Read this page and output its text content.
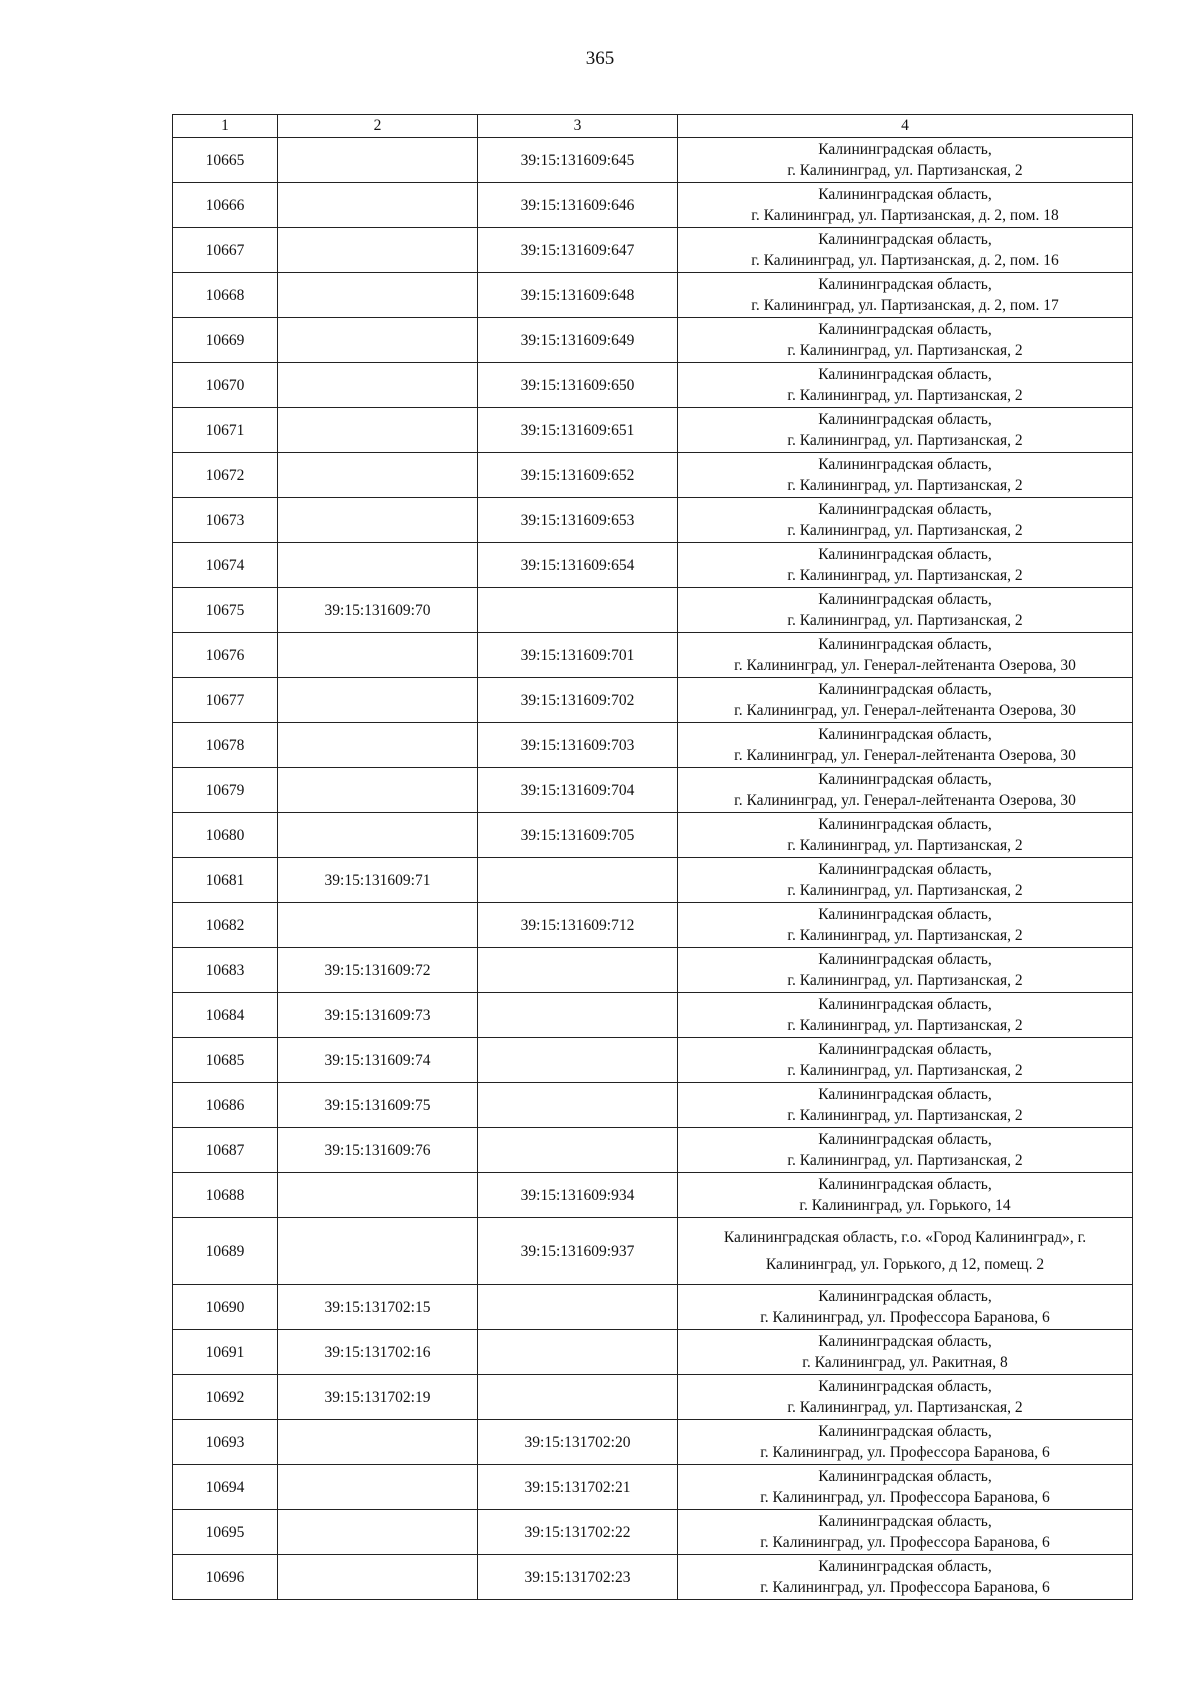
365
1	2	3	4
10665		39:15:131609:645	Калининградская область,
г. Калининград, ул. Партизанская, 2

10666		39:15:131609:646	Калининградская область,
г. Калининград, ул. Партизанская, д. 2, пом. 18

10667		39:15:131609:647	Калининградская область,
г. Калининград, ул. Партизанская, д. 2, пом. 16

10668		39:15:131609:648	Калининградская область,
г. Калининград, ул. Партизанская, д. 2, пом. 17

10669		39:15:131609:649	Калининградская область,
г. Калининград, ул. Партизанская, 2

10670		39:15:131609:650	Калининградская область,
г. Калининград, ул. Партизанская, 2

10671		39:15:131609:651	Калининградская область,
г. Калининград, ул. Партизанская, 2

10672		39:15:131609:652	Калининградская область,
г. Калининград, ул. Партизанская, 2

10673		39:15:131609:653	Калининградская область,
г. Калининград, ул. Партизанская, 2

10674		39:15:131609:654	Калининградская область,
г. Калининград, ул. Партизанская, 2

10675	39:15:131609:70		Калининградская область,
г. Калининград, ул. Партизанская, 2

10676		39:15:131609:701	Калининградская область,
г. Калининград, ул. Генерал-лейтенанта Озерова, 30

10677		39:15:131609:702	Калининградская область,
г. Калининград, ул. Генерал-лейтенанта Озерова, 30

10678		39:15:131609:703	Калининградская область,
г. Калининград, ул. Генерал-лейтенанта Озерова, 30

10679		39:15:131609:704	Калининградская область,
г. Калининград, ул. Генерал-лейтенанта Озерова, 30

10680		39:15:131609:705	Калининградская область,
г. Калининград, ул. Партизанская, 2

10681	39:15:131609:71		Калининградская область,
г. Калининград, ул. Партизанская, 2

10682		39:15:131609:712	Калининградская область,
г. Калининград, ул. Партизанская, 2

10683	39:15:131609:72		Калининградская область,
г. Калининград, ул. Партизанская, 2

10684	39:15:131609:73		Калининградская область,
г. Калининград, ул. Партизанская, 2

10685	39:15:131609:74		Калининградская область,
г. Калининград, ул. Партизанская, 2

10686	39:15:131609:75		Калининградская область,
г. Калининград, ул. Партизанская, 2

10687	39:15:131609:76		Калининградская область,
г. Калининград, ул. Партизанская, 2

10688		39:15:131609:934	Калининградская область,
г. Калининград, ул. Горького, 14

10689		39:15:131609:937	Калининградская область, г.о. «Город Калининград», г.
Калининград, ул. Горького, д 12, помещ. 2

10690	39:15:131702:15		Калининградская область,
г. Калининград, ул. Профессора Баранова, 6

10691	39:15:131702:16		Калининградская область,
г. Калининград, ул. Ракитная, 8

10692	39:15:131702:19		Калининградская область,
г. Калининград, ул. Партизанская, 2

10693		39:15:131702:20	Калининградская область,
г. Калининград, ул. Профессора Баранова, 6

10694		39:15:131702:21	Калининградская область,
г. Калининград, ул. Профессора Баранова, 6

10695		39:15:131702:22	Калининградская область,
г. Калининград, ул. Профессора Баранова, 6

10696		39:15:131702:23	Калининградская область,
г. Калининград, ул. Профессора Баранова, 6
